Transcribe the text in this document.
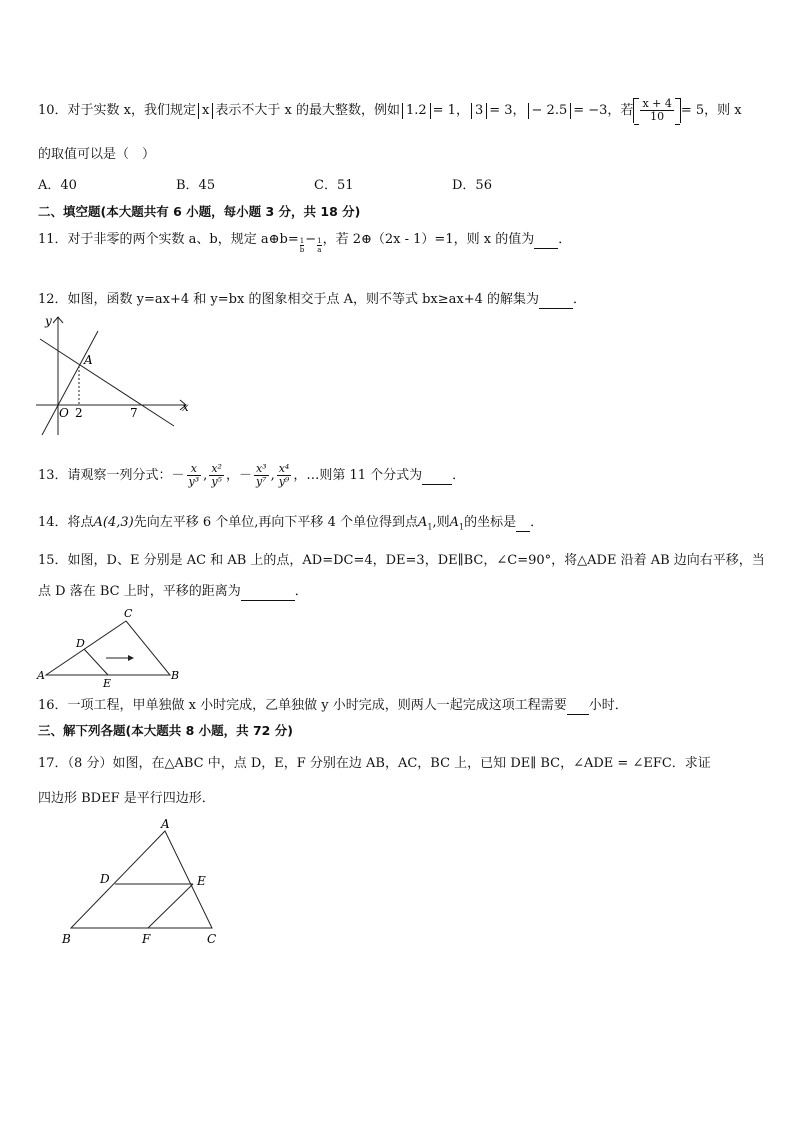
10．对于实数 x，我们规定 x 表示不大于 x 的最大整数，例如 1.2 = 1， 3 = 3， − 2.5 = −3，若 $\frac{x + 4}{10} = 5$，则 x
的取值可以是（　）
A．40	B．45	C．51	D．56
二、填空题(本大题共有 6 小题，每小题 3 分，共 18 分)
11．对于非零的两个实数 a、b，规定 a⊕b= $\frac{1}{b}- \frac{1}{a}$，若 2⊕（2x - 1）=1，则 x 的值为 ．
12．如图，函数 y=ax+4 和 y=bx 的图象相交于点 A，则不等式 bx≥ax+4 的解集为	．
y
x
A
O 2	7
13．请观察一列分式：－ $\frac{x}{\text{y³}}$ , $\frac{\text{x²}}{\text{y⁵}}$ ，－ $\frac{\text{x³}}{\text{y⁷}}$ , $\frac{\text{x⁴}}{\text{y⁹}}$ ，…则第 11 个分式为 ．
14．将点A(4,3)先向左平移 6 个单位,再向下平移 4 个单位得到点$A_1$,则$A_1$的坐标是 ．
15．如图，D、E 分别是 AC 和 AB 上的点，AD=DC=4，DE=3，DE∥BC，∠C=90°，将△ADE 沿着 AB 边向右平移，当
点 D 落在 BC 上时，平移的距离为	．
A	B
C
D
E
16．一项工程，甲单独做 x 小时完成，乙单独做 y 小时完成，则两人一起完成这项工程需要 小时．
三、解下列各题(本大题共 8 小题，共 72 分)
17．（8 分）如图，在△ABC 中，点 D，E，F 分别在边 AB，AC，BC 上，已知 DE∥ BC，∠ADE = ∠EFC．求证
四边形 BDEF 是平行四边形．
A
B	C
D	E
F
